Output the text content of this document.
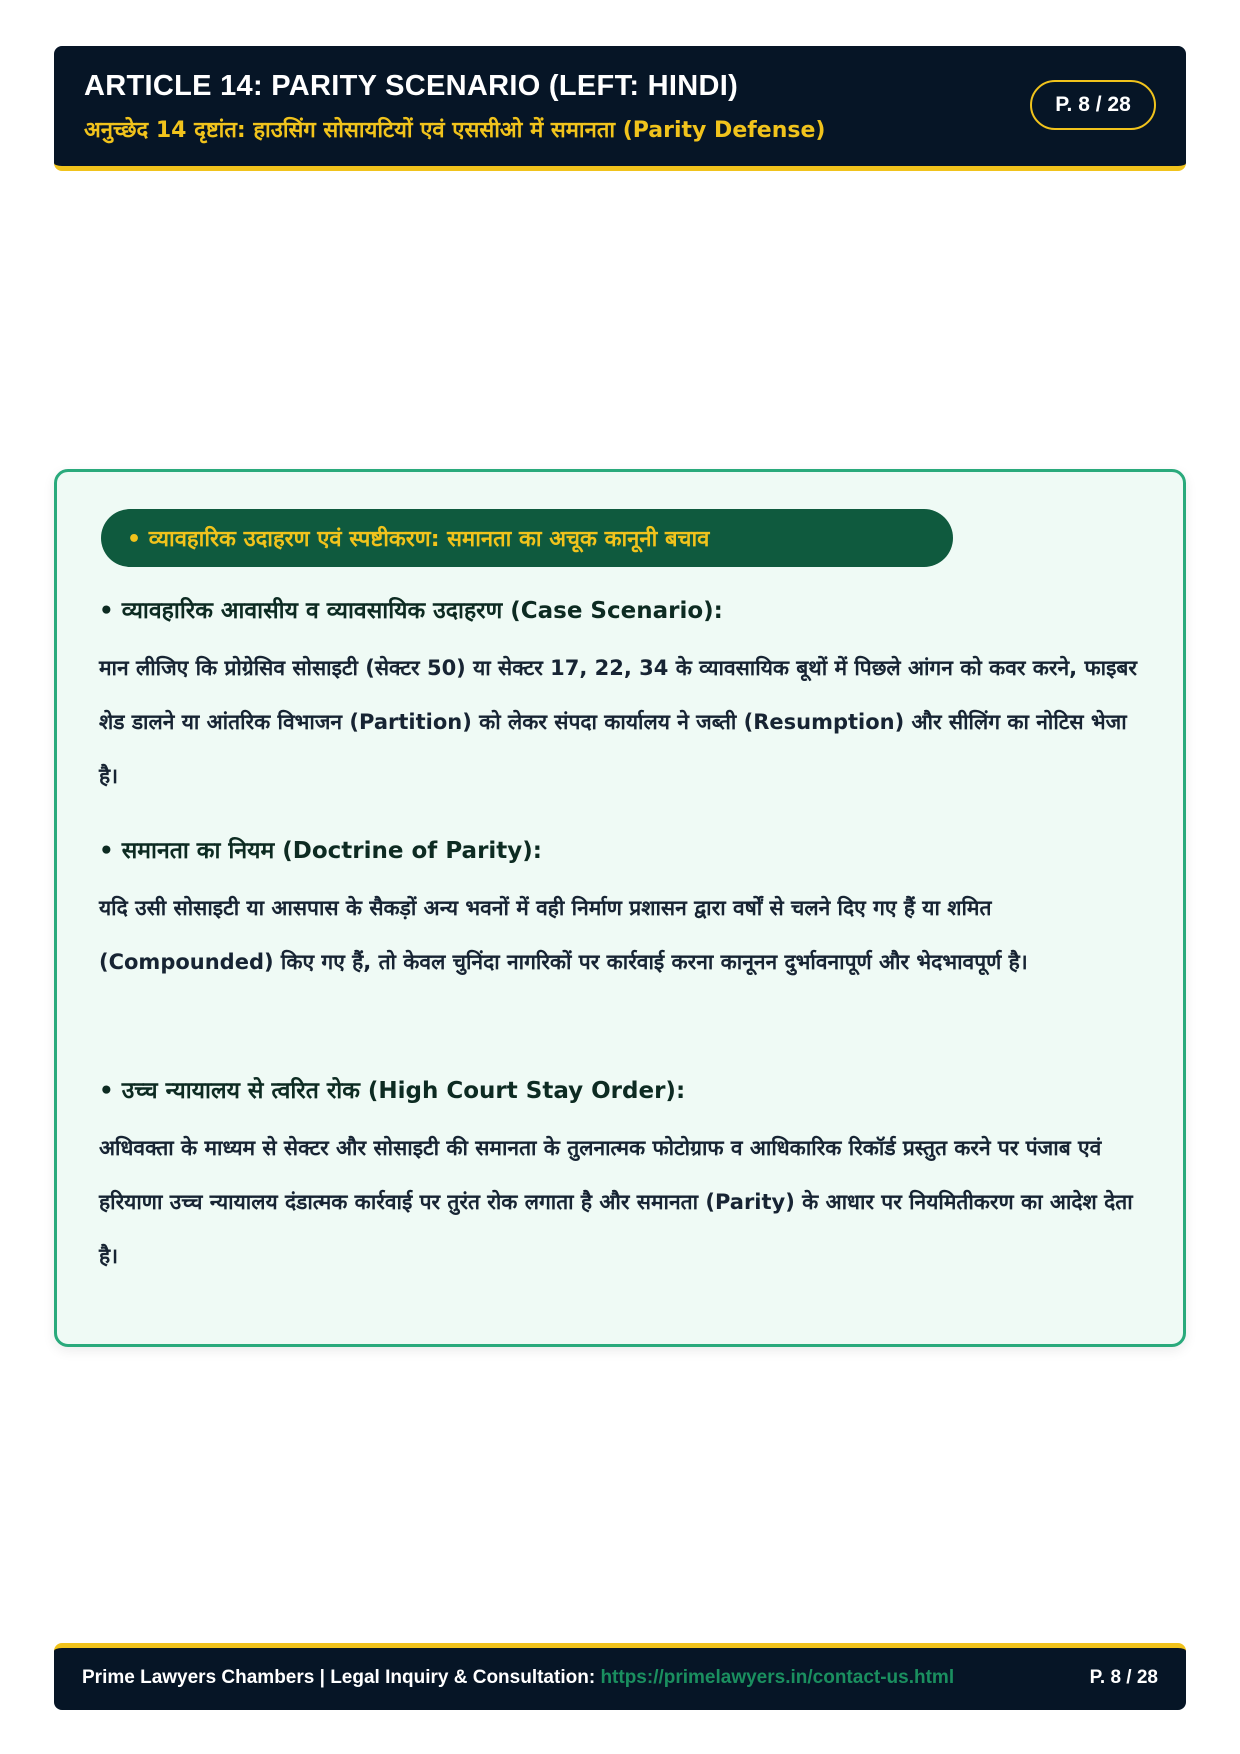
ARTICLE 14: PARITY SCENARIO (LEFT: HINDI)
अनुच्छेद 14 दृष्टांत: हाउसिंग सोसायटियों एवं एससीओ में समानता (Parity Defense)
P. 8 / 28
• व्यावहारिक उदाहरण एवं स्पष्टीकरण: समानता का अचूक कानूनी बचाव
• व्यावहारिक आवासीय व व्यावसायिक उदाहरण (Case Scenario):
मान लीजिए कि प्रोग्रेसिव सोसाइटी (सेक्टर 50) या सेक्टर 17, 22, 34 के व्यावसायिक बूथों में पिछले आंगन को कवर करने, फाइबर शेड डालने या आंतरिक विभाजन (Partition) को लेकर संपदा कार्यालय ने जब्ती (Resumption) और सीलिंग का नोटिस भेजा है।
• समानता का नियम (Doctrine of Parity):
यदि उसी सोसाइटी या आसपास के सैकड़ों अन्य भवनों में वही निर्माण प्रशासन द्वारा वर्षों से चलने दिए गए हैं या शमित (Compounded) किए गए हैं, तो केवल चुनिंदा नागरिकों पर कार्रवाई करना कानूनन दुर्भावनापूर्ण और भेदभावपूर्ण है।
• उच्च न्यायालय से त्वरित रोक (High Court Stay Order):
अधिवक्ता के माध्यम से सेक्टर और सोसाइटी की समानता के तुलनात्मक फोटोग्राफ व आधिकारिक रिकॉर्ड प्रस्तुत करने पर पंजाब एवं हरियाणा उच्च न्यायालय दंडात्मक कार्रवाई पर तुरंत रोक लगाता है और समानता (Parity) के आधार पर नियमितीकरण का आदेश देता है।
Prime Lawyers Chambers | Legal Inquiry & Consultation: https://primelawyers.in/contact-us.html	P. 8 / 28
